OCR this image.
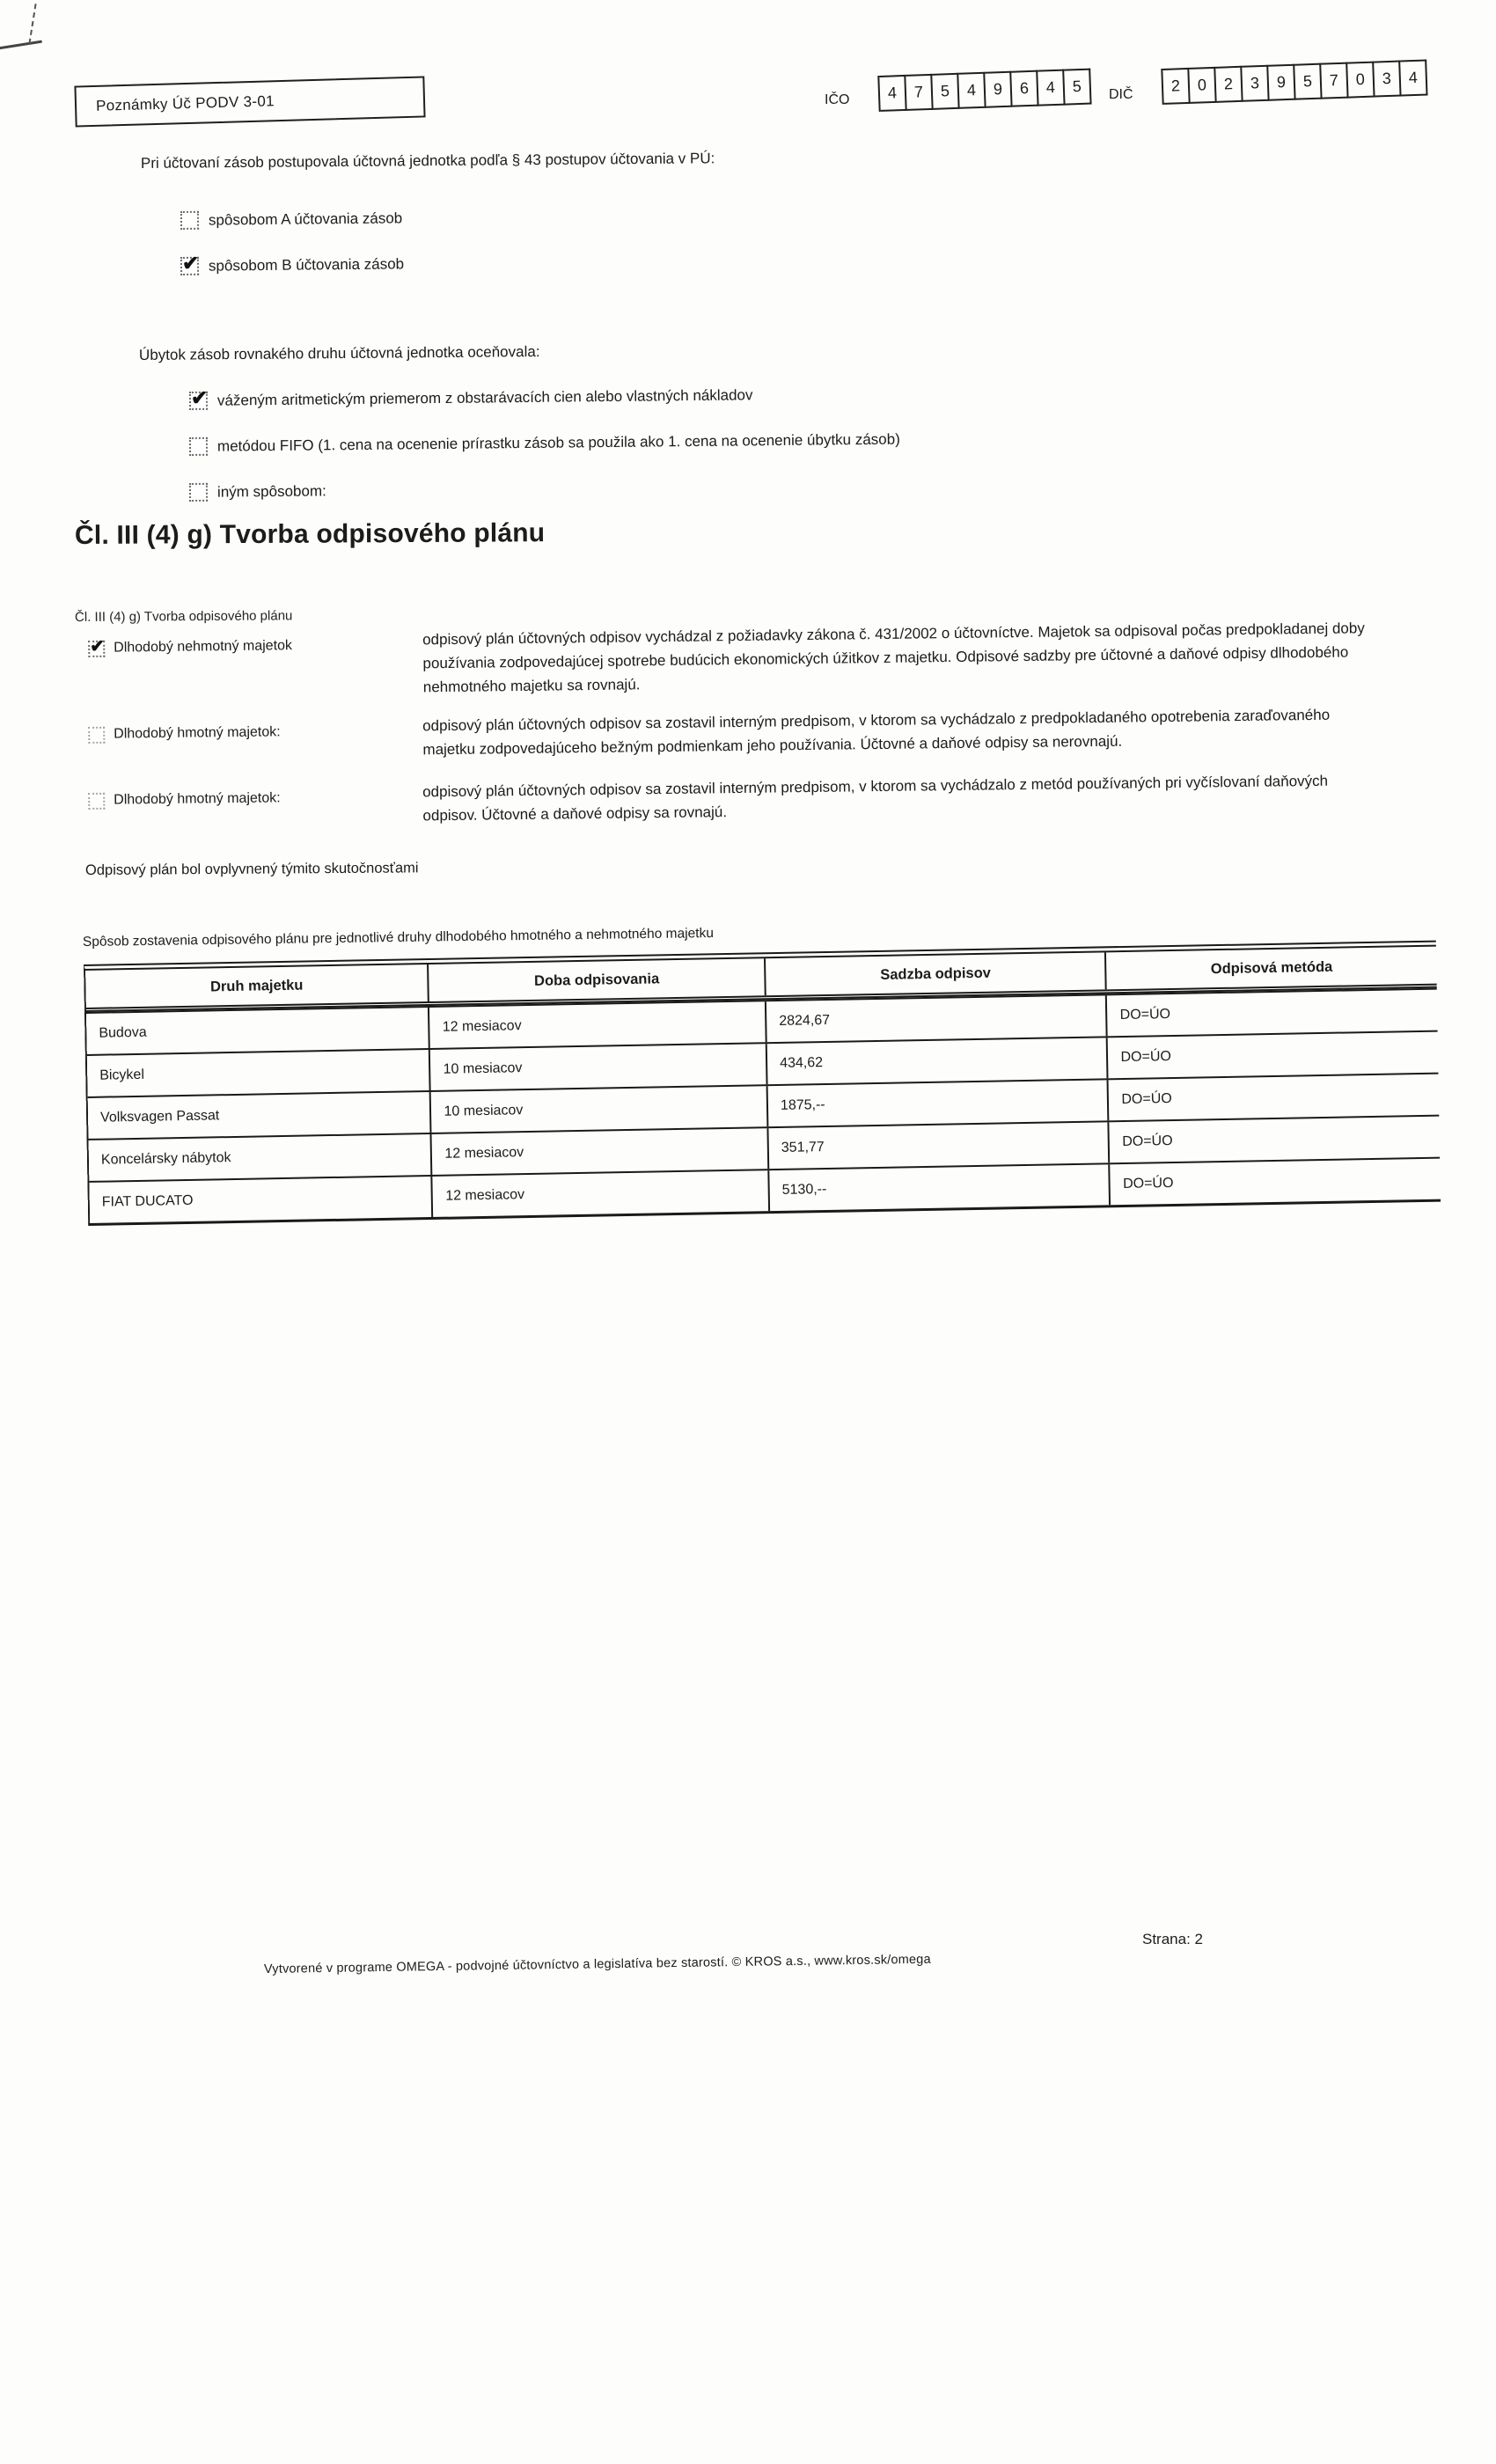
Poznámky Úč PODV 3-01	IČO	4	7	5	4	9	6	4	5	DIČ	2	0	2	3	9	5	7	0	3	4
Pri účtovaní zásob postupovala účtovná jednotka podľa § 43 postupov účtovania v PÚ:
spôsobom A účtovania zásob
✔ spôsobom B účtovania zásob
Úbytok zásob rovnakého druhu účtovná jednotka oceňovala:
✔ váženým aritmetickým priemerom z obstarávacích cien alebo vlastných nákladov
metódou FIFO (1. cena na ocenenie prírastku zásob sa použila ako 1. cena na ocenenie úbytku zásob)
iným spôsobom:
Čl. III (4) g) Tvorba odpisového plánu
Čl. III (4) g) Tvorba odpisového plánu
✔ Dlhodobý nehmotný majetok	odpisový plán účtovných odpisov vychádzal z požiadavky zákona č. 431/2002 o účtovníctve. Majetok sa odpisoval počas predpokladanej doby používania zodpovedajúcej spotrebe budúcich ekonomických úžitkov z majetku. Odpisové sadzby pre účtovné a daňové odpisy dlhodobého nehmotného majetku sa rovnajú.

Dlhodobý hmotný majetok:	odpisový plán účtovných odpisov sa zostavil interným predpisom, v ktorom sa vychádzalo z predpokladaného opotrebenia zaraďovaného majetku zodpovedajúceho bežným podmienkam jeho používania. Účtovné a daňové odpisy sa nerovnajú.

Dlhodobý hmotný majetok:	odpisový plán účtovných odpisov sa zostavil interným predpisom, v ktorom sa vychádzalo z metód používaných pri vyčíslovaní daňových odpisov. Účtovné a daňové odpisy sa rovnajú.

Odpisový plán bol ovplyvnený týmito skutočnosťami
Spôsob zostavenia odpisového plánu pre jednotlivé druhy dlhodobého hmotného a nehmotného majetku
Druh majetku	Doba odpisovania	Sadzba odpisov	Odpisová metóda
Budova	12 mesiacov	2824,67	DO=ÚO
Bicykel	10 mesiacov	434,62	DO=ÚO
Volksvagen Passat	10 mesiacov	1875,--	DO=ÚO
Koncelársky nábytok	12 mesiacov	351,77	DO=ÚO
FIAT DUCATO	12 mesiacov	5130,--	DO=ÚO
Strana: 2
Vytvorené v programe OMEGA - podvojné účtovníctvo a legislatíva bez starostí. © KROS a.s., www.kros.sk/omega
